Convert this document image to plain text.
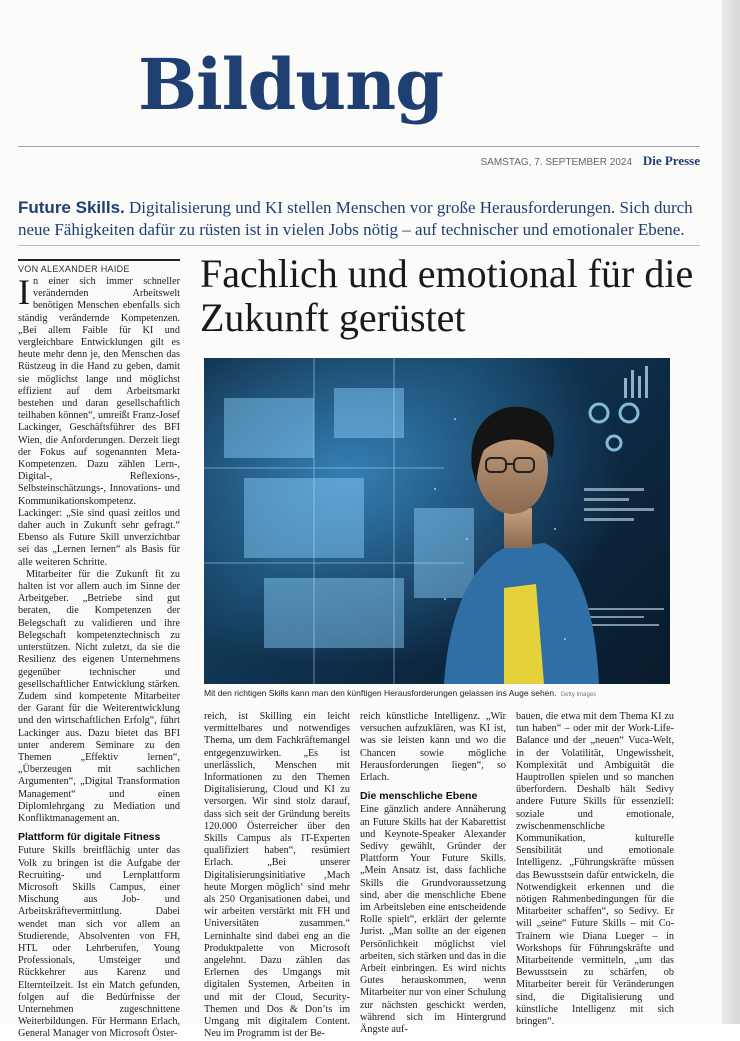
Bildung
SAMSTAG, 7. SEPTEMBER 2024 Die Presse
Future Skills. Digitalisierung und KI stellen Menschen vor große Herausforderungen. Sich durch neue Fähigkeiten dafür zu rüsten ist in vielen Jobs nötig – auf technischer und emotionaler Ebene.
VON ALEXANDER HAIDE	Fachlich und emotional für die Zukunft gerüstet

In einer sich immer schneller verändernden Arbeitswelt benötigen Menschen ebenfalls sich ständig verändernde Kompetenzen. „Bei allem Faible für KI und vergleichbare Entwicklungen gilt es heute mehr denn je, den Menschen das Rüstzeug in die Hand zu geben, damit sie möglichst lange und möglichst effizient auf dem Arbeitsmarkt bestehen und daran gesellschaftlich teilhaben können“, umreißt Franz-Josef Lackinger, Geschäftsführer des BFI Wien, die Anforderungen. Derzeit liegt der Fokus auf sogenannten Meta-Kompetenzen. Dazu zählen Lern-, Digital-, Reflexions-, Selbsteinschätzungs-, Innovations- und Kommunikationskompetenz. Lackinger: „Sie sind quasi zeitlos und daher auch in Zukunft sehr gefragt.“ Ebenso als Future Skill unverzichtbar sei das „Lernen lernen“ als Basis für alle weiteren Schritte.

Mitarbeiter für die Zukunft fit zu halten ist vor allem auch im Sinne der Arbeitgeber. „Betriebe sind gut beraten, die Kompetenzen der Belegschaft zu validieren und ihre Belegschaft kompetenztechnisch zu unterstützen. Nicht zuletzt, da sie die Resilienz des eigenen Unternehmens gegenüber technischer und gesellschaftlicher Entwicklung stärken. Zudem sind kompetente Mitarbeiter der Garant für die Weiterentwicklung und den wirtschaftlichen Erfolg“, führt Lackinger aus. Dazu bietet das BFI unter anderem Seminare zu den Themen „Effektiv lernen“, „Überzeugen mit sachlichen Argumenten“, „Digital Transformation Management“ und einen Diplomlehrgang zu Mediation und Konfliktmanagement an.

Plattform für digitale Fitness

Future Skills breitflächig unter das Volk zu bringen ist die Aufgabe der Recruiting- und Lernplattform Microsoft Skills Campus, einer Mischung aus Job- und Arbeitskräftevermittlung. Dabei wendet man sich vor allem an Studierende, Absolventen von FH, HTL oder Lehrberufen, Young Professionals, Umsteiger und Rückkehrer aus Karenz und Elternteilzeit. Ist ein Match gefunden, folgen auf die Bedürfnisse der Unternehmen zugeschnittene Weiterbildungen. Für Hermann Erlach, General Manager von Microsoft Öster-

Mit den richtigen Skills kann man den künftigen Herausforderungen gelassen ins Auge sehen. Getty Images

reich, ist Skilling ein leicht vermittelbares und notwendiges Thema, um dem Fachkräftemangel entgegenzuwirken. „Es ist unerlässlich, Menschen mit Informationen zu den Themen Digitalisierung, Cloud und KI zu versorgen. Wir sind stolz darauf, dass sich seit der Gründung bereits 120.000 Österreicher über den Skills Campus als IT-Experten qualifiziert haben“, resümiert Erlach. „Bei unserer Digitalisierungsinitiative ‚Mach heute Morgen möglich‘ sind mehr als 250 Organisationen dabei, und wir arbeiten verstärkt mit FH und Universitäten zusammen.“ Lerninhalte sind dabei eng an die Produktpalette von Microsoft angelehnt. Dazu zählen das Erlernen des Umgangs mit digitalen Systemen, Arbeiten in und mit der Cloud, Security-Themen und Dos & Don’ts im Umgang mit digitalem Content. Neu im Programm ist der Be-

reich künstliche Intelligenz. „Wir versuchen aufzuklären, was KI ist, was sie leisten kann und wo die Chancen sowie mögliche Herausforderungen liegen“, so Erlach.

Die menschliche Ebene

Eine gänzlich andere Annäherung an Future Skills hat der Kabarettist und Keynote-Speaker Alexander Sedivy gewählt, Gründer der Plattform Your Future Skills. „Mein Ansatz ist, dass fachliche Skills die Grundvoraussetzung sind, aber die menschliche Ebene im Arbeitsleben eine entscheidende Rolle spielt“, erklärt der gelernte Jurist. „Man sollte an der eigenen Persönlichkeit möglichst viel arbeiten, sich stärken und das in die Arbeit einbringen. Es wird nichts Gutes herauskommen, wenn Mitarbeiter nur von einer Schulung zur nächsten geschickt werden, während sich im Hintergrund Ängste auf-

bauen, die etwa mit dem Thema KI zu tun haben“ – oder mit der Work-Life-Balance und der „neuen“ Vuca-Welt, in der Volatilität, Ungewissheit, Komplexität und Ambiguität die Hauptrollen spielen und so manchen überfordern. Deshalb hält Sedivy andere Future Skills für essenziell: soziale und emotionale, zwischenmenschliche Kommunikation, kulturelle Sensibilität und emotionale Intelligenz. „Führungskräfte müssen das Bewusstsein dafür entwickeln, die Notwendigkeit erkennen und die nötigen Rahmenbedingungen für die Mitarbeiter schaffen“, so Sedivy. Er will „seine“ Future Skills – mit Co-Trainern wie Diana Lueger – in Workshops für Führungskräfte und Mitarbeitende vermitteln, „um das Bewusstsein zu schärfen, ob Mitarbeiter bereit für Veränderungen sind, die Digitalisierung und künstliche Intelligenz mit sich bringen“.
